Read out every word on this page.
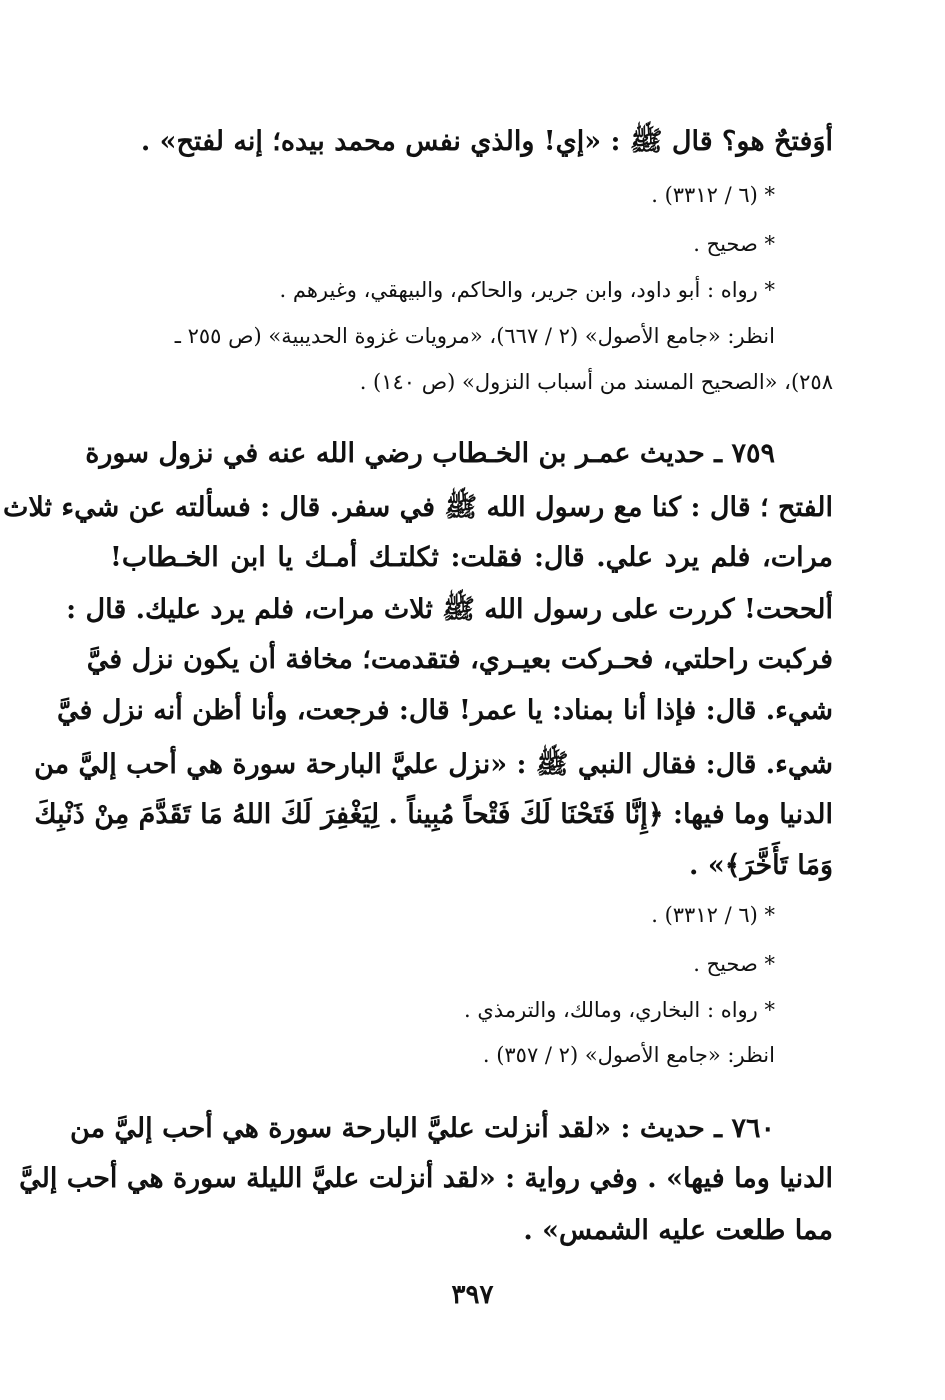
أوَفتحٌ هو؟ قال ﷺ : «إي! والذي نفس محمد بيده؛ إنه لفتح» .
* (٦ / ٣٣١٢) .
* صحيح .
* رواه : أبو داود، وابن جرير، والحاكم، والبيهقي، وغيرهم .
انظر: «جامع الأصول» (٢ / ٦٦٧)، «مرويات غزوة الحديبية» (ص ٢٥٥ ـ
٢٥٨)، «الصحيح المسند من أسباب النزول» (ص ١٤٠) .
٧٥٩ ـ حديث عمـر بن الخـطاب رضي الله عنه في نزول سورة
الفتح ؛ قال : كنا مع رسول الله ﷺ في سفر. قال : فسألته عن شيء ثلاث
مرات، فلم يرد علي. قال: فقلت: ثكلتـك أمـك يا ابن الخـطاب!
ألححت! كررت على رسول الله ﷺ ثلاث مرات، فلم يرد عليك. قال :
فركبت راحلتي، فحـركت بعيـري، فتقدمت؛ مخافة أن يكون نزل فيَّ
شيء. قال: فإذا أنا بمناد: يا عمر! قال: فرجعت، وأنا أظن أنه نزل فيَّ
شيء. قال: فقال النبي ﷺ : «نزل عليَّ البارحة سورة هي أحب إليَّ من
الدنيا وما فيها: ﴿إِنَّا فَتَحْنَا لَكَ فَتْحاً مُبِيناً . لِيَغْفِرَ لَكَ اللهُ مَا تَقَدَّمَ مِنْ ذَنْبِكَ
وَمَا تَأَخَّرَ﴾» .
* (٦ / ٣٣١٢) .
* صحيح .
* رواه : البخاري، ومالك، والترمذي .
انظر: «جامع الأصول» (٢ / ٣٥٧) .
٧٦٠ ـ حديث : «لقد أنزلت عليَّ البارحة سورة هي أحب إليَّ من
الدنيا وما فيها» . وفي رواية : «لقد أنزلت عليَّ الليلة سورة هي أحب إليَّ
مما طلعت عليه الشمس» .
٣٩٧
